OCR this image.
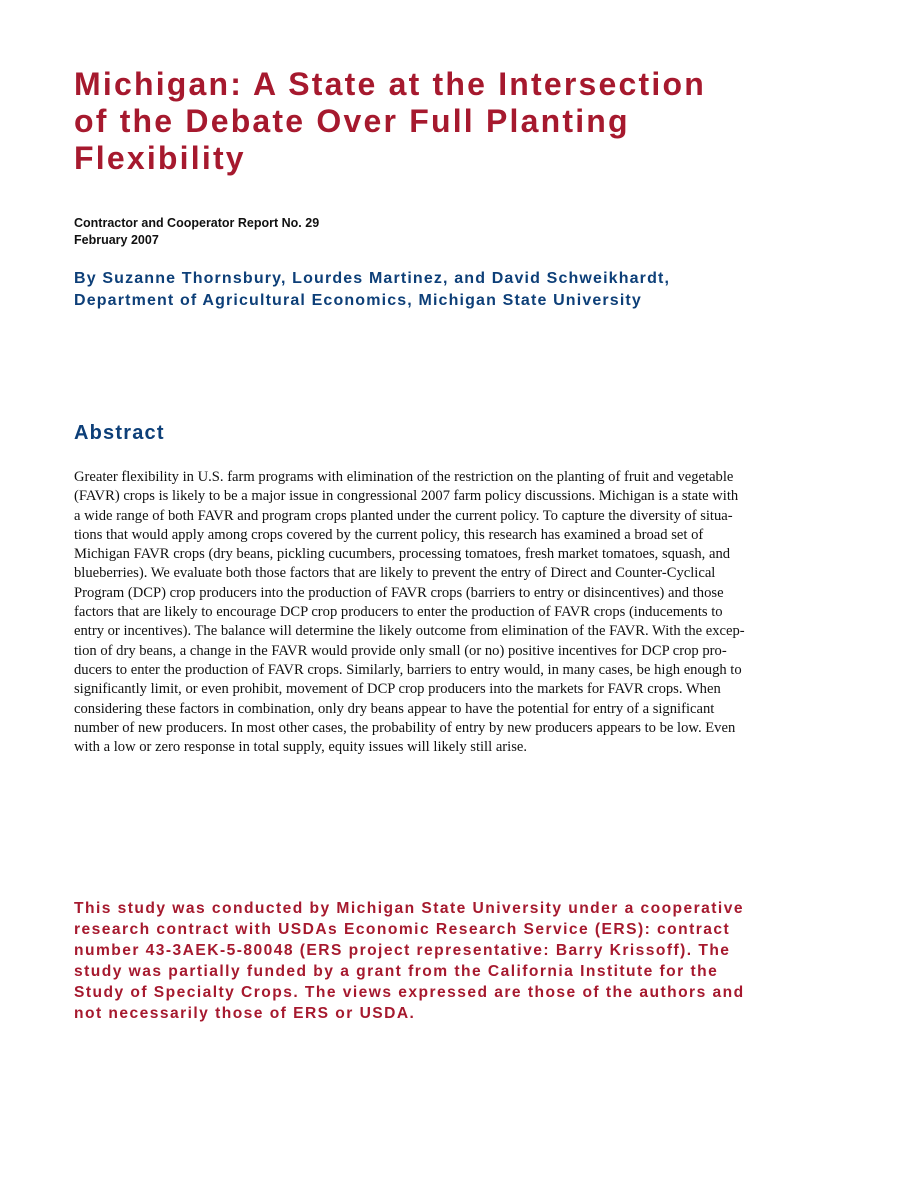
Michigan: A State at the Intersection
of the Debate Over Full Planting
Flexibility
Contractor and Cooperator Report No. 29
February 2007
By Suzanne Thornsbury, Lourdes Martinez, and David Schweikhardt,
Department of Agricultural Economics, Michigan State University
Abstract

Greater flexibility in U.S. farm programs with elimination of the restriction on the planting of fruit and vegetable
(FAVR) crops is likely to be a major issue in congressional 2007 farm policy discussions. Michigan is a state with
a wide range of both FAVR and program crops planted under the current policy. To capture the diversity of situa-
tions that would apply among crops covered by the current policy, this research has examined a broad set of
Michigan FAVR crops (dry beans, pickling cucumbers, processing tomatoes, fresh market tomatoes, squash, and
blueberries). We evaluate both those factors that are likely to prevent the entry of Direct and Counter-Cyclical
Program (DCP) crop producers into the production of FAVR crops (barriers to entry or disincentives) and those
factors that are likely to encourage DCP crop producers to enter the production of FAVR crops (inducements to
entry or incentives). The balance will determine the likely outcome from elimination of the FAVR. With the excep-
tion of dry beans, a change in the FAVR would provide only small (or no) positive incentives for DCP crop pro-
ducers to enter the production of FAVR crops. Similarly, barriers to entry would, in many cases, be high enough to
significantly limit, or even prohibit, movement of DCP crop producers into the markets for FAVR crops. When
considering these factors in combination, only dry beans appear to have the potential for entry of a significant
number of new producers. In most other cases, the probability of entry by new producers appears to be low. Even
with a low or zero response in total supply, equity issues will likely still arise.

This study was conducted by Michigan State University under a cooperative
research contract with USDAs Economic Research Service (ERS): contract
number 43-3AEK-5-80048 (ERS project representative: Barry Krissoff). The
study was partially funded by a grant from the California Institute for the
Study of Specialty Crops. The views expressed are those of the authors and
not necessarily those of ERS or USDA.
